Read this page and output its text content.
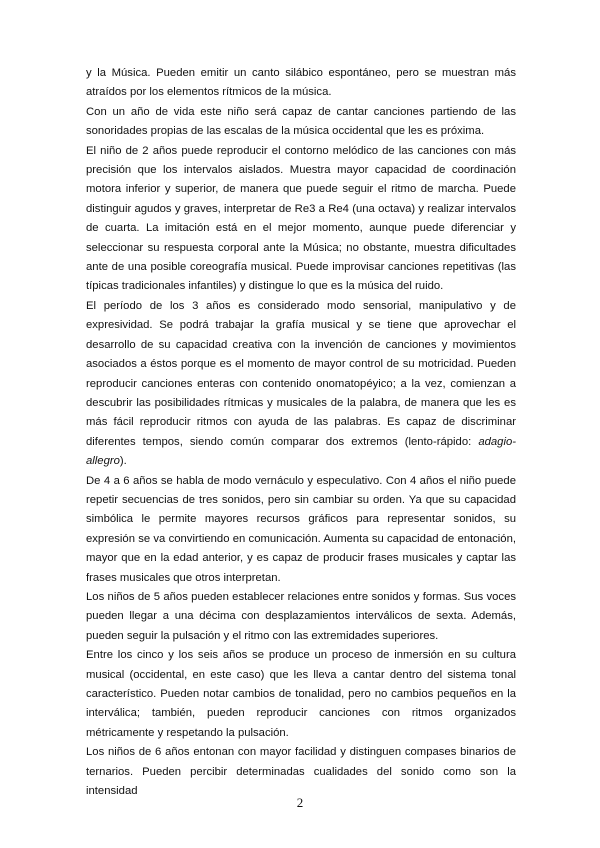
y la Música. Pueden emitir un canto silábico espontáneo, pero se muestran más atraídos por los elementos rítmicos de la música.

Con un año de vida este niño será capaz de cantar canciones partiendo de las sonoridades propias de las escalas de la música occidental que les es próxima.

El niño de 2 años puede reproducir el contorno melódico de las canciones con más precisión que los intervalos aislados. Muestra mayor capacidad de coordinación motora inferior y superior, de manera que puede seguir el ritmo de marcha. Puede distinguir agudos y graves, interpretar de Re3 a Re4 (una octava) y realizar intervalos de cuarta. La imitación está en el mejor momento, aunque puede diferenciar y seleccionar su respuesta corporal ante la Música; no obstante, muestra dificultades ante de una posible coreografía musical. Puede improvisar canciones repetitivas (las típicas tradicionales infantiles) y distingue lo que es la música del ruido.

El período de los 3 años es considerado modo sensorial, manipulativo y de expresividad. Se podrá trabajar la grafía musical y se tiene que aprovechar el desarrollo de su capacidad creativa con la invención de canciones y movimientos asociados a éstos porque es el momento de mayor control de su motricidad. Pueden reproducir canciones enteras con contenido onomatopéyico; a la vez, comienzan a descubrir las posibilidades rítmicas y musicales de la palabra, de manera que les es más fácil reproducir ritmos con ayuda de las palabras. Es capaz de discriminar diferentes tempos, siendo común comparar dos extremos (lento-rápido: adagio-allegro).

De 4 a 6 años se habla de modo vernáculo y especulativo. Con 4 años el niño puede repetir secuencias de tres sonidos, pero sin cambiar su orden. Ya que su capacidad simbólica le permite mayores recursos gráficos para representar sonidos, su expresión se va convirtiendo en comunicación. Aumenta su capacidad de entonación, mayor que en la edad anterior, y es capaz de producir frases musicales y captar las frases musicales que otros interpretan.

Los niños de 5 años pueden establecer relaciones entre sonidos y formas. Sus voces pueden llegar a una décima con desplazamientos interválicos de sexta. Además, pueden seguir la pulsación y el ritmo con las extremidades superiores.

Entre los cinco y los seis años se produce un proceso de inmersión en su cultura musical (occidental, en este caso) que les lleva a cantar dentro del sistema tonal característico. Pueden notar cambios de tonalidad, pero no cambios pequeños en la interválica; también, pueden reproducir canciones con ritmos organizados métricamente y respetando la pulsación.

Los niños de 6 años entonan con mayor facilidad y distinguen compases binarios de ternarios. Pueden percibir determinadas cualidades del sonido como son la intensidad

2
